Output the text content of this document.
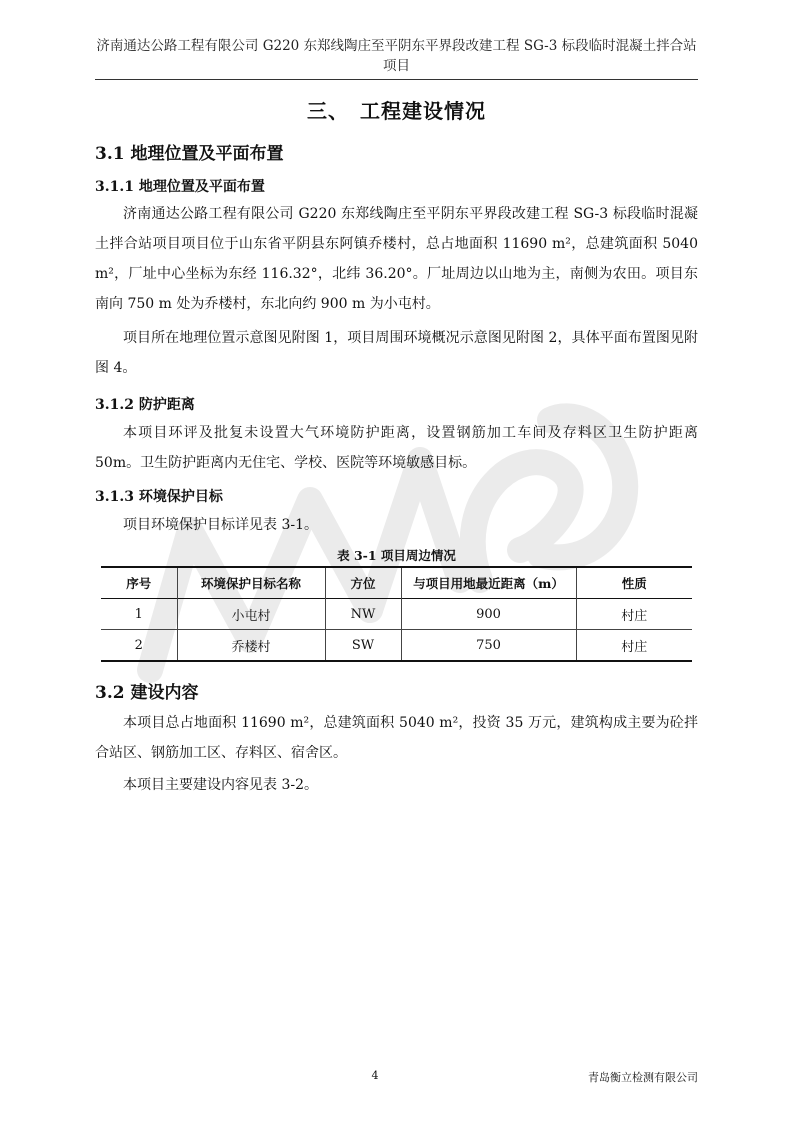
济南通达公路工程有限公司 G220 东郑线陶庄至平阴东平界段改建工程 SG-3 标段临时混凝土拌合站项目
三、　工程建设情况
3.1 地理位置及平面布置
3.1.1 地理位置及平面布置
济南通达公路工程有限公司 G220 东郑线陶庄至平阴东平界段改建工程 SG-3 标段临时混凝土拌合站项目项目位于山东省平阴县东阿镇乔楼村，总占地面积 11690 m²，总建筑面积 5040 m²，厂址中心坐标为东经 116.32°，北纬 36.20°。厂址周边以山地为主，南侧为农田。项目东南向 750 m 处为乔楼村，东北向约 900 m 为小屯村。
项目所在地理位置示意图见附图 1，项目周围环境概况示意图见附图 2，具体平面布置图见附图 4。
3.1.2 防护距离
本项目环评及批复未设置大气环境防护距离，设置钢筋加工车间及存料区卫生防护距离 50m。卫生防护距离内无住宅、学校、医院等环境敏感目标。
3.1.3 环境保护目标
项目环境保护目标详见表 3-1。
表 3-1 项目周边情况
序号	环境保护目标名称	方位	与项目用地最近距离（m）	性质
1	小屯村	NW	900	村庄
2	乔楼村	SW	750	村庄
3.2 建设内容
本项目总占地面积 11690 m²，总建筑面积 5040 m²，投资 35 万元，建筑构成主要为砼拌合站区、钢筋加工区、存料区、宿舍区。
本项目主要建设内容见表 3-2。
4	青岛衡立检测有限公司
